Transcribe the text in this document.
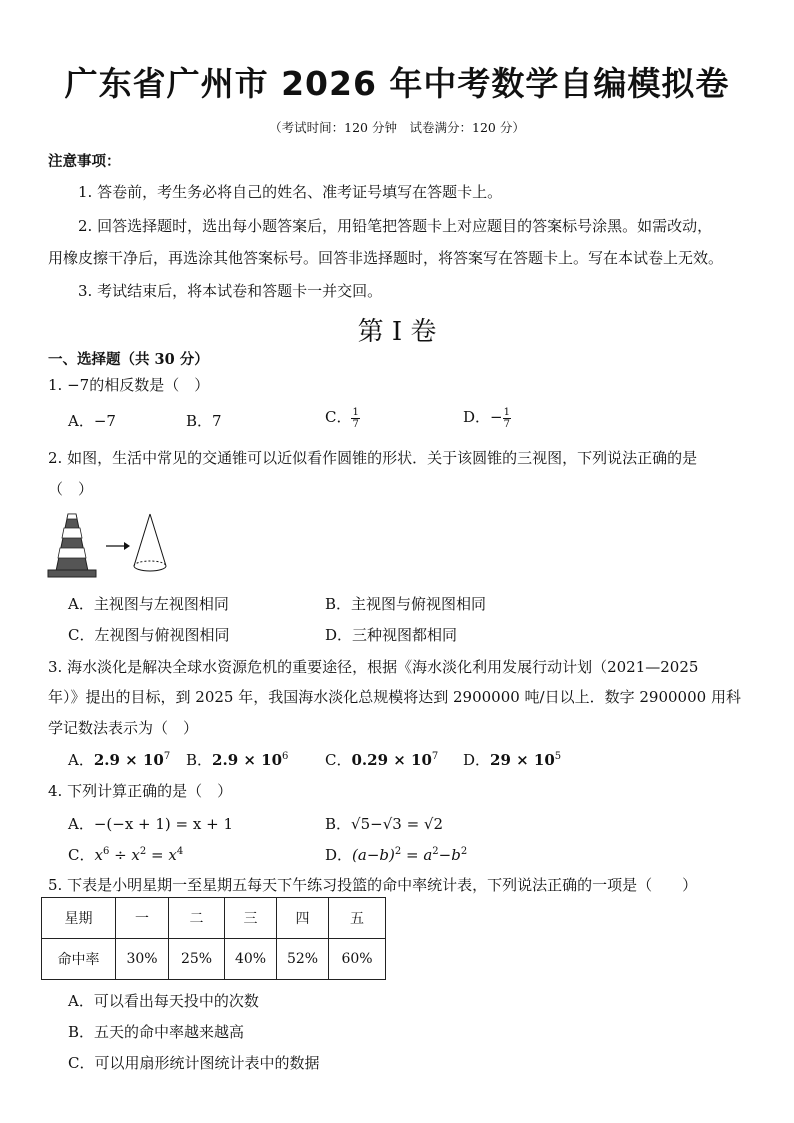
广东省广州市 2026 年中考数学自编模拟卷
（考试时间：120 分钟　试卷满分：120 分）
注意事项：
1. 答卷前，考生务必将自己的姓名、准考证号填写在答题卡上。
2. 回答选择题时，选出每小题答案后，用铅笔把答题卡上对应题目的答案标号涂黑。如需改动，
用橡皮擦干净后，再选涂其他答案标号。回答非选择题时，将答案写在答题卡上。写在本试卷上无效。
3. 考试结束后，将本试卷和答题卡一并交回。
第 I 卷
一、选择题（共 30 分）
1. −7的相反数是（　）
A．−7	B．7	C． $\frac{1}{7}$	D．− $\frac{1}{7}$
2. 如图，生活中常见的交通锥可以近似看作圆锥的形状．关于该圆锥的三视图，下列说法正确的是
（　）
A．主视图与左视图相同	B．主视图与俯视图相同
C．左视图与俯视图相同	D．三种视图都相同
3. 海水淡化是解决全球水资源危机的重要途径，根据《海水淡化利用发展行动计划（2021—2025
年）》提出的目标，到 2025 年，我国海水淡化总规模将达到 2900000 吨/日以上．数字 2900000 用科
学记数法表示为（　）
A．$2.9 \times 10^7$ B．$2.9 \times 10^6$ C．$0.29 \times 10^7$ D．$29 \times 10^5$
4. 下列计算正确的是（　）
A．−(−x + 1) = x + 1	B．√5−√3 = √2
C．$x^6 \div x^2 = x^4$	D．$(a-b)^2 = a^2-b^2$
5. 下表是小明星期一至星期五每天下午练习投篮的命中率统计表，下列说法正确的一项是（　　）
星期	一	二	三	四	五
命中率	30%	25%	40%	52%	60%
A．可以看出每天投中的次数
B．五天的命中率越来越高
C．可以用扇形统计图统计表中的数据
